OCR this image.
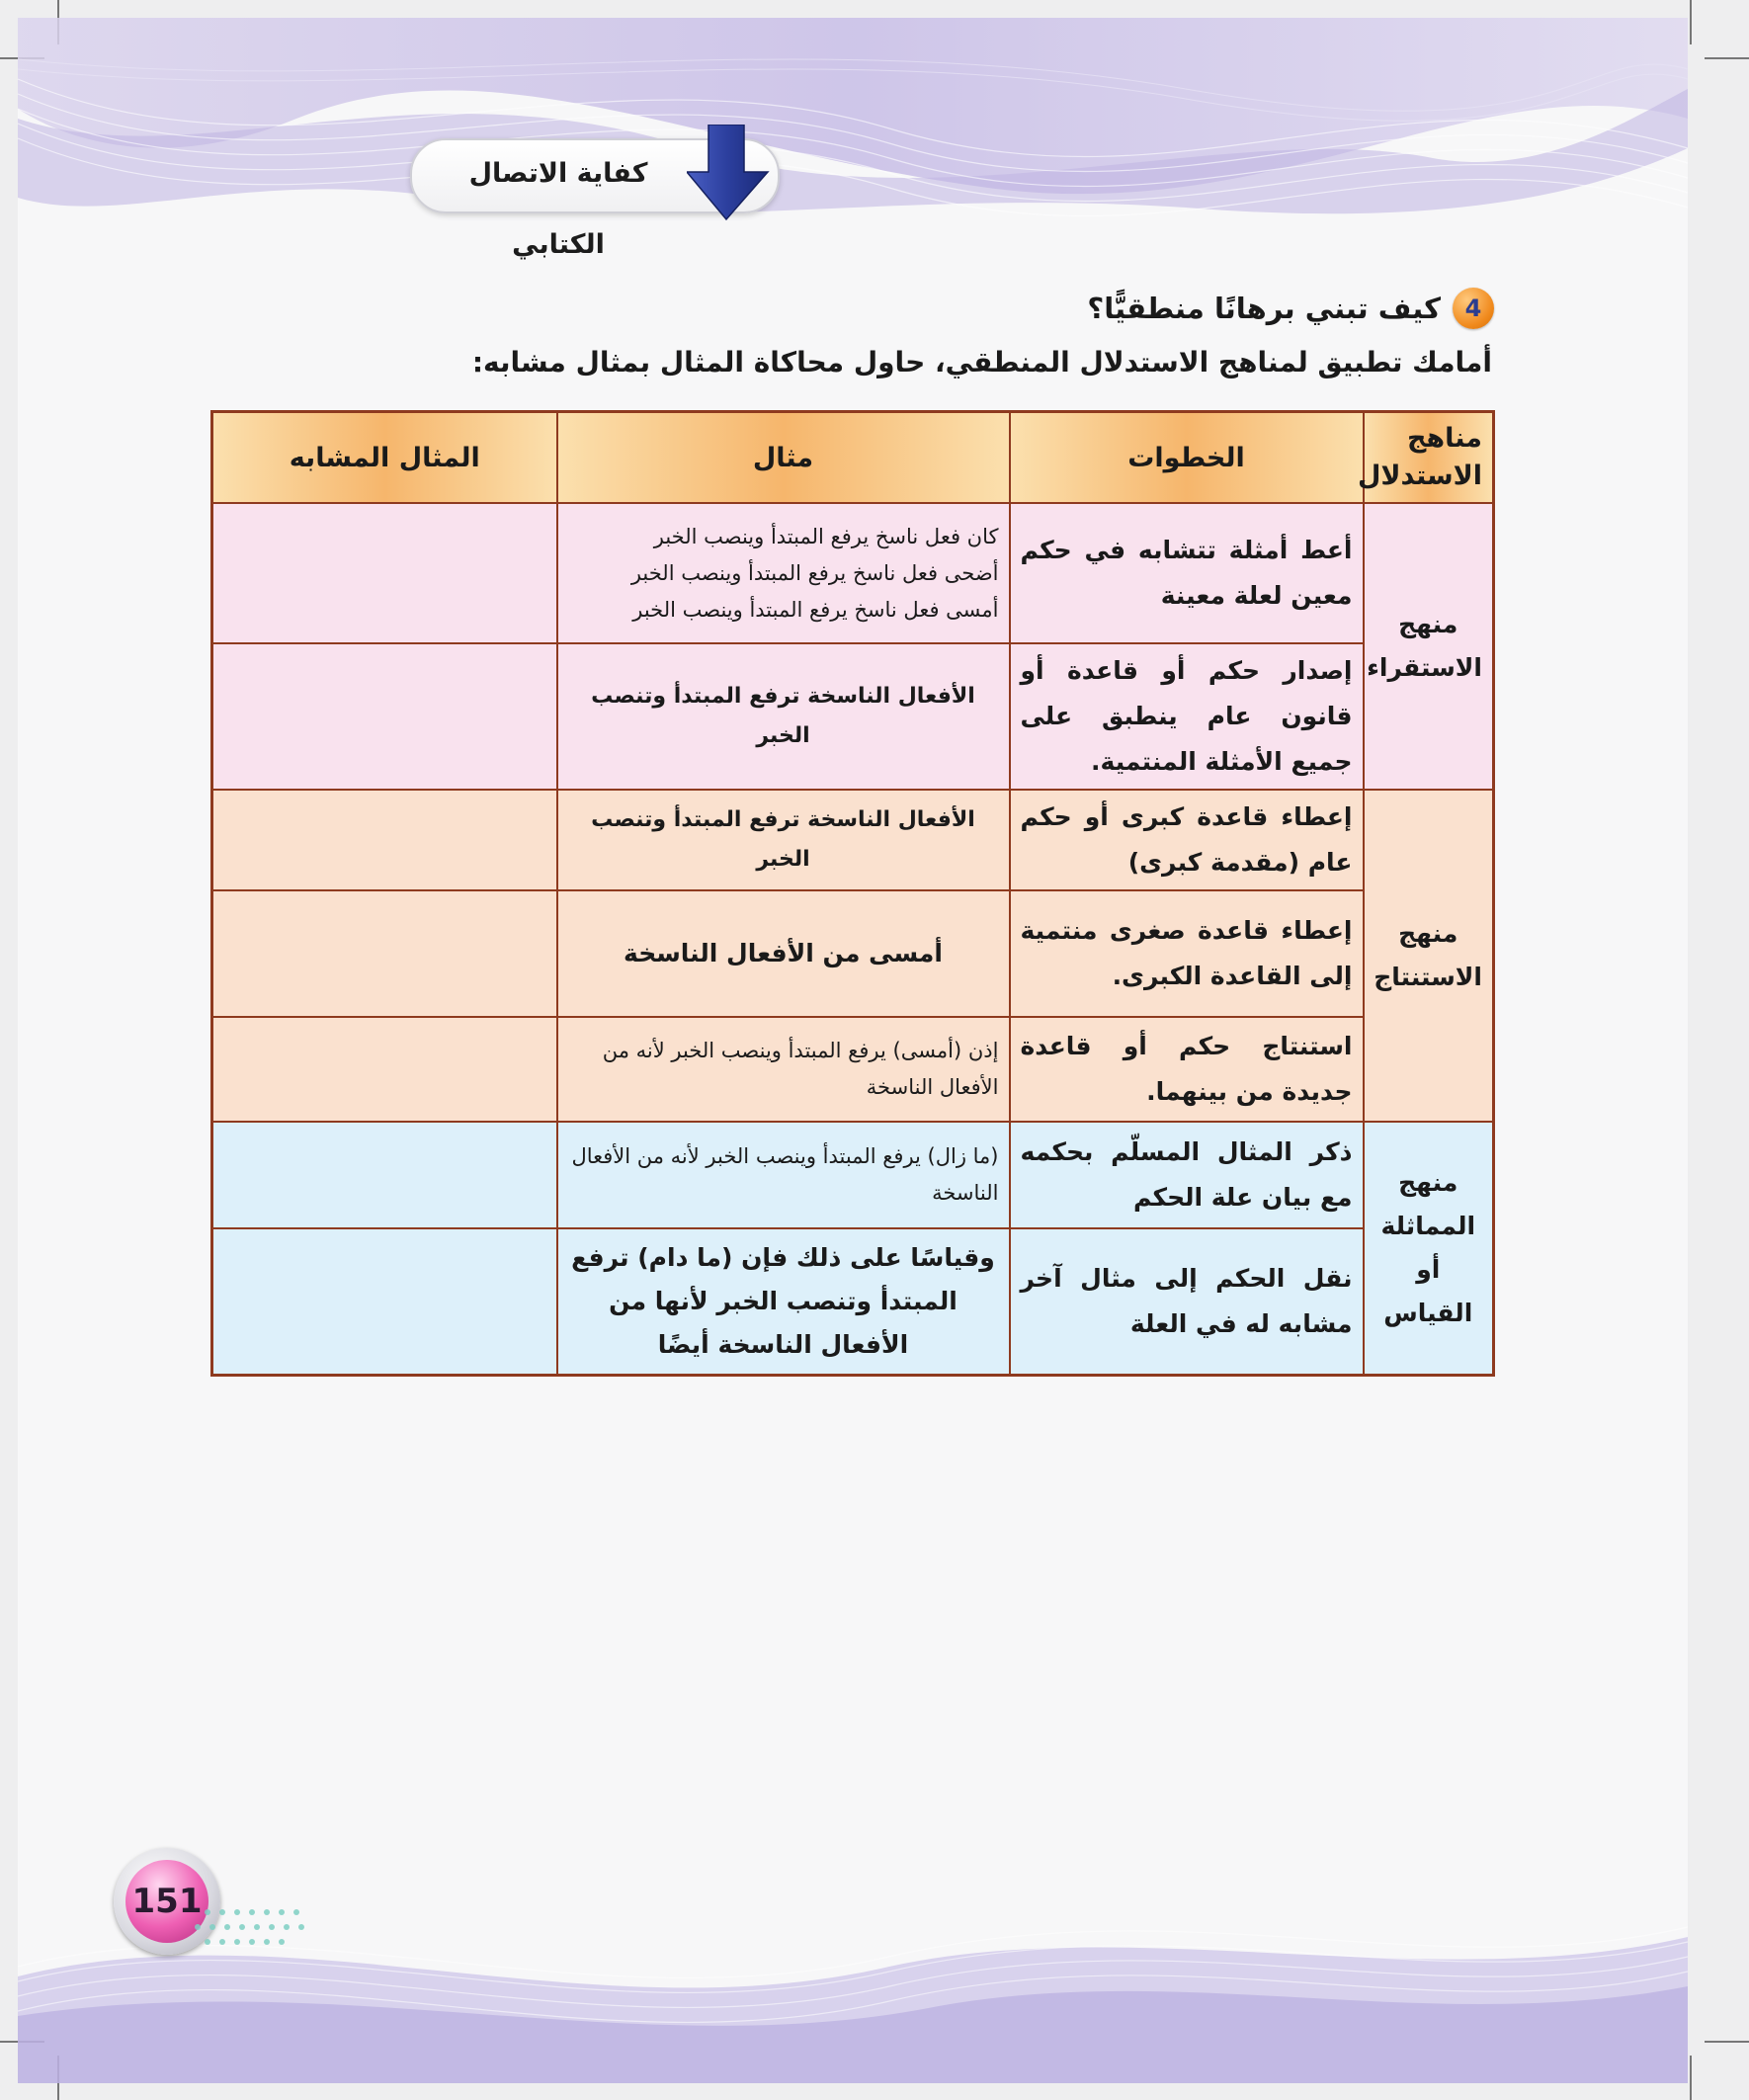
كفاية الاتصال الكتابي
4
كيف تبني برهانًا منطقيًّا؟
أمامك تطبيق لمناهج الاستدلال المنطقي، حاول محاكاة المثال بمثال مشابه:
مناهج الاستدلال	الخطوات	مثال	المثال المشابه
منهج الاستقراء	أعط أمثلة تتشابه في حكم معين لعلة معينة	كان فعل ناسخ يرفع المبتدأ وينصب الخبر
أضحى فعل ناسخ يرفع المبتدأ وينصب الخبر
أمسى فعل ناسخ يرفع المبتدأ وينصب الخبر	

	إصدار حكم أو قاعدة أو قانون عام ينطبق على جميع الأمثلة المنتمية.	الأفعال الناسخة ترفع المبتدأ وتنصب الخبر	
منهج الاستنتاج	إعطاء قاعدة كبرى أو حكم عام (مقدمة كبرى)	الأفعال الناسخة ترفع المبتدأ وتنصب الخبر	
	إعطاء قاعدة صغرى منتمية إلى القاعدة الكبرى.	أمسى من الأفعال الناسخة	
	استنتاج حكم أو قاعدة جديدة من بينهما.	إذن (أمسى) يرفع المبتدأ وينصب الخبر لأنه من الأفعال الناسخة	
منهج المماثلة أو القياس	ذكر المثال المسلّم بحكمه مع بيان علة الحكم	(ما زال) يرفع المبتدأ وينصب الخبر لأنه من الأفعال الناسخة	
	نقل الحكم إلى مثال آخر مشابه له في العلة	وقياسًا على ذلك فإن (ما دام) ترفع المبتدأ وتنصب الخبر لأنها من الأفعال الناسخة أيضًا	
151
